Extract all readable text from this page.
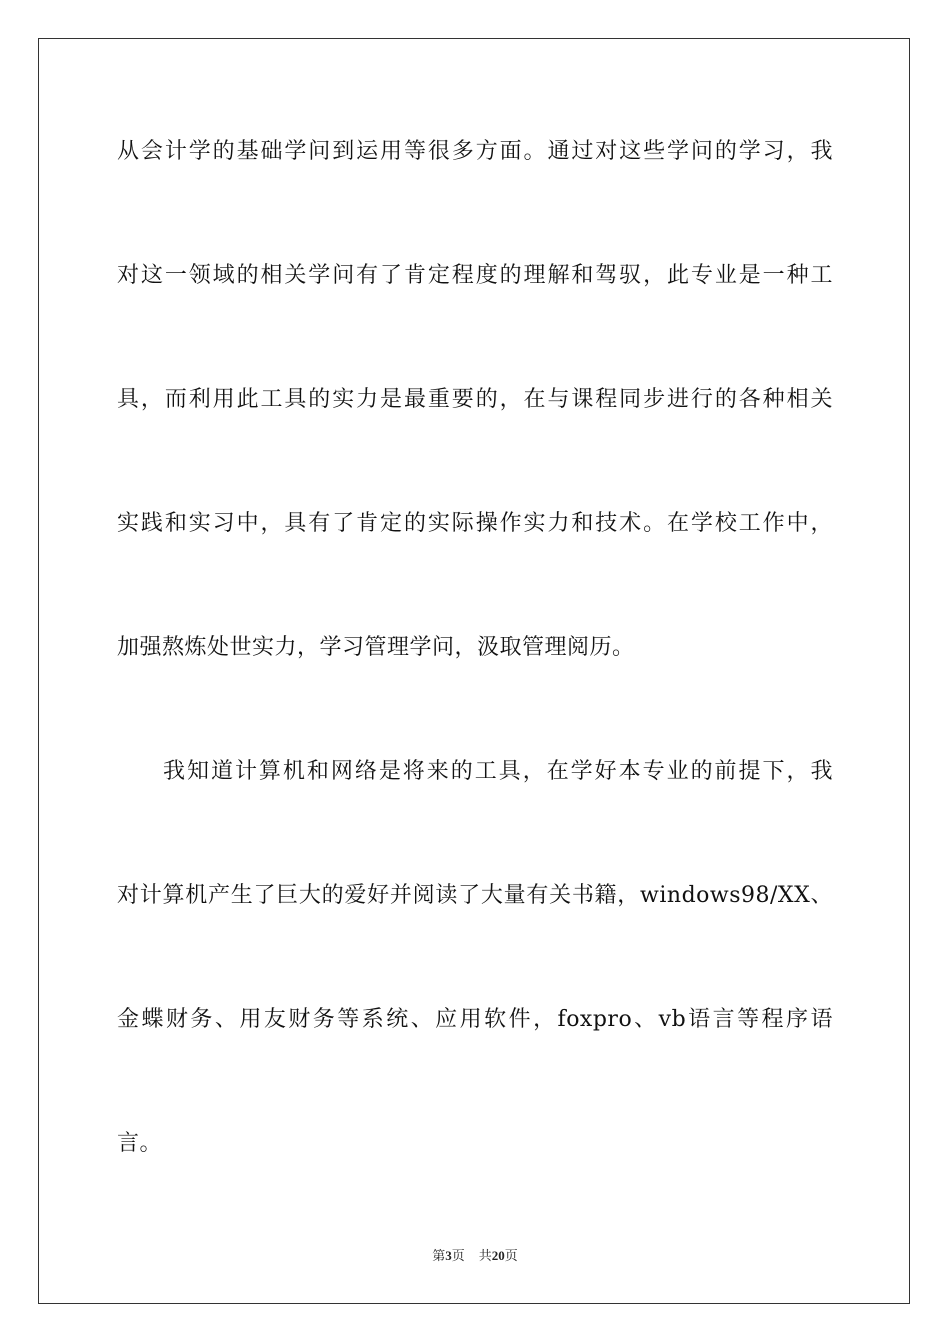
从会计学的基础学问到运用等很多方面。通过对这些学问的学习，我
对这一领域的相关学问有了肯定程度的理解和驾驭，此专业是一种工
具，而利用此工具的实力是最重要的，在与课程同步进行的各种相关
实践和实习中，具有了肯定的实际操作实力和技术。在学校工作中，
加强熬炼处世实力，学习管理学问，汲取管理阅历。
我知道计算机和网络是将来的工具，在学好本专业的前提下，我
对计算机产生了巨大的爱好并阅读了大量有关书籍，windows98/XX、
金蝶财务、用友财务等系统、应用软件，foxpro、vb语言等程序语
言。
第3页 共20页
